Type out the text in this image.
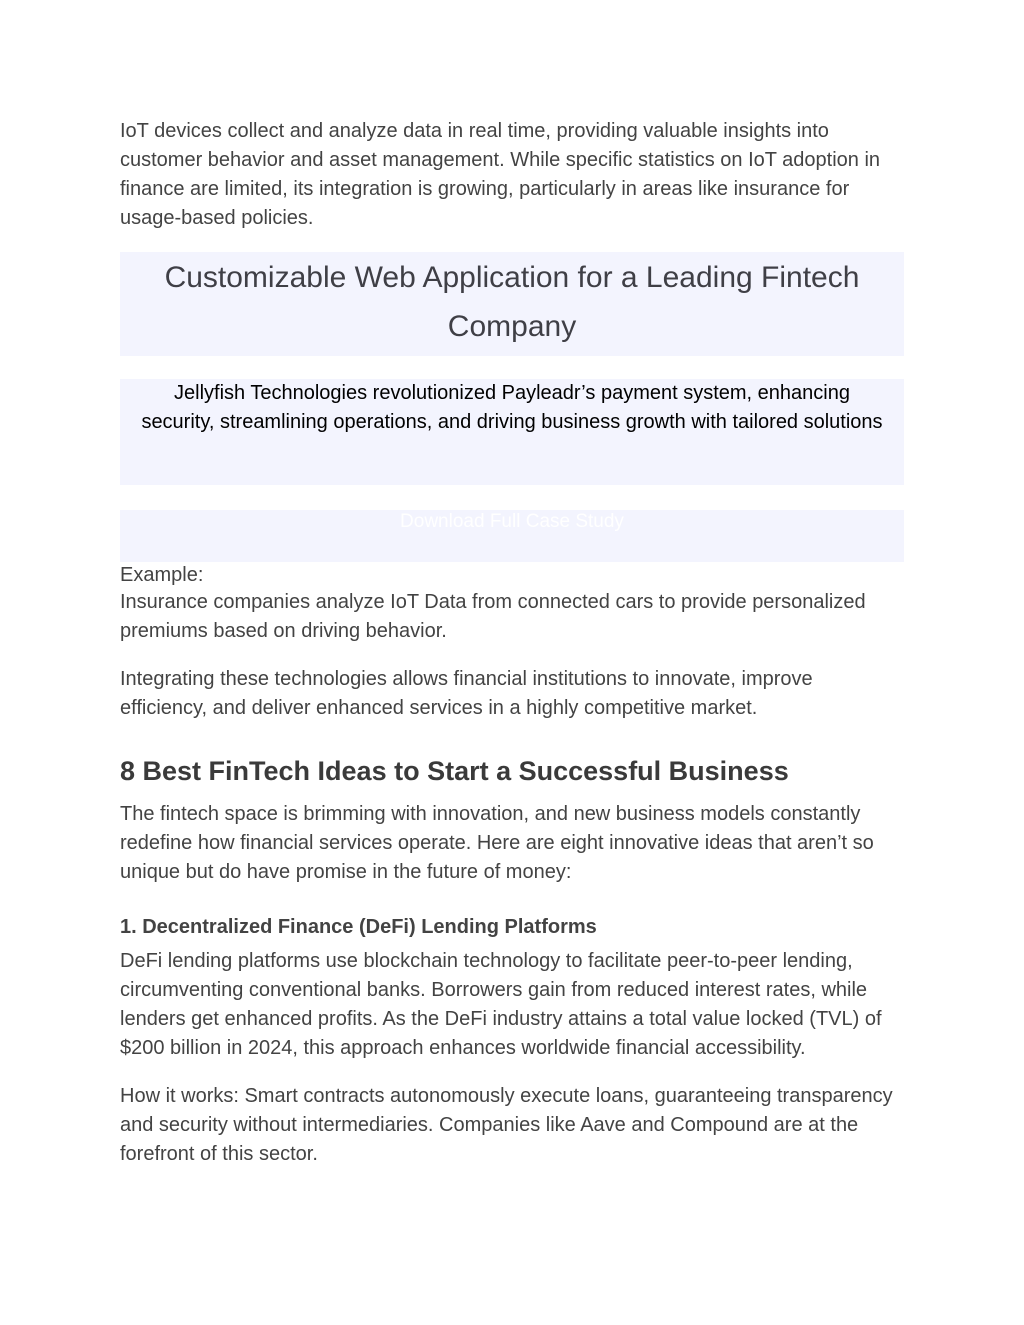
IoT devices collect and analyze data in real time, providing valuable insights into customer behavior and asset management. While specific statistics on IoT adoption in finance are limited, its integration is growing, particularly in areas like insurance for usage-based policies.

Customizable Web Application for a Leading Fintech Company
Jellyfish Technologies revolutionized Payleadr’s payment system, enhancing security, streamlining operations, and driving business growth with tailored solutions
Download Full Case Study

Example:

Insurance companies analyze IoT Data from connected cars to provide personalized premiums based on driving behavior.

Integrating these technologies allows financial institutions to innovate, improve efficiency, and deliver enhanced services in a highly competitive market.

8 Best FinTech Ideas to Start a Successful Business

The fintech space is brimming with innovation, and new business models constantly redefine how financial services operate. Here are eight innovative ideas that aren’t so unique but do have promise in the future of money:

1. Decentralized Finance (DeFi) Lending Platforms

DeFi lending platforms use blockchain technology to facilitate peer-to-peer lending, circumventing conventional banks. Borrowers gain from reduced interest rates, while lenders get enhanced profits. As the DeFi industry attains a total value locked (TVL) of $200 billion in 2024, this approach enhances worldwide financial accessibility.

How it works: Smart contracts autonomously execute loans, guaranteeing transparency and security without intermediaries. Companies like Aave and Compound are at the forefront of this sector.
